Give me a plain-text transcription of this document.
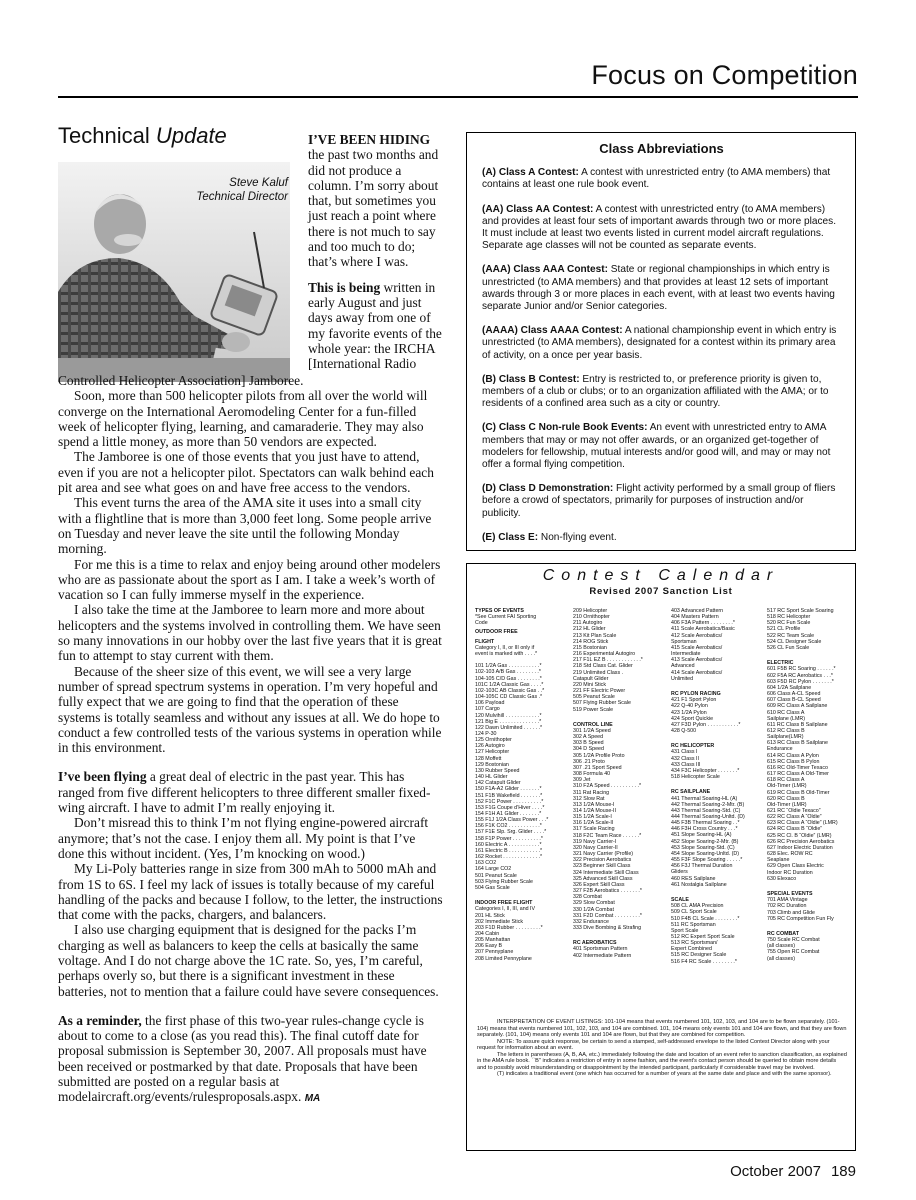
Focus on Competition
Technical Update
Steve Kaluf
Technical Director

I’VE BEEN HIDING the past two months and did not produce a column. I’m sorry about that, but sometimes you just reach a point where there is not much to say and too much to do; that’s where I was.

This is being written in early August and just days away from one of my favorite events of the whole year: the IRCHA [International Radio

Controlled Helicopter Association] Jamboree.

Soon, more than 500 helicopter pilots from all over the world will converge on the International Aeromodeling Center for a fun-filled week of helicopter flying, learning, and camaraderie. They may also spend a little money, as more than 50 vendors are expected.

The Jamboree is one of those events that you just have to attend, even if you are not a helicopter pilot. Spectators can walk behind each pit area and see what goes on and have free access to the vendors.

This event turns the area of the AMA site it uses into a small city with a flightline that is more than 3,000 feet long. Some people arrive on Tuesday and never leave the site until the following Monday morning.

For me this is a time to relax and enjoy being around other modelers who are as passionate about the sport as I am. I take a week’s worth of vacation so I can fully immerse myself in the experience.

I also take the time at the Jamboree to learn more and more about helicopters and the systems involved in controlling them. We have seen so many innovations in our hobby over the last five years that it is great fun to attempt to stay current with them.

Because of the sheer size of this event, we will see a very large number of spread spectrum systems in operation. I’m very hopeful and fully expect that we are going to find that the operation of these systems is totally seamless and without any issues at all. We do hope to conduct a few controlled tests of the various systems in operation while in this environment.

I’ve been flying a great deal of electric in the past year. This has ranged from five different helicopters to three different smaller fixed-wing aircraft. I have to admit I’m really enjoying it.

Don’t misread this to think I’m not flying engine-powered aircraft anymore; that’s not the case. I enjoy them all. My point is that I’ve done this without incident. (Yes, I’m knocking on wood.)

My Li-Poly batteries range in size from 300 mAh to 5000 mAh and from 1S to 6S. I feel my lack of issues is totally because of my careful handling of the packs and because I follow, to the letter, the instructions that come with the packs, chargers, and balancers.

I also use charging equipment that is designed for the packs I’m charging as well as balancers to keep the cells at basically the same voltage. And I do not charge above the 1C rate. So, yes, I’m careful, perhaps overly so, but there is a significant investment in these batteries, not to mention that a failure could have severe consequences.

As a reminder, the first phase of this two-year rules-change cycle is about to come to a close (as you read this). The final cutoff date for proposal submission is September 30, 2007. All proposals must have been received or postmarked by that date. Proposals that have been submitted are posted on a regular basis at modelaircraft.org/events/rulesproposals.aspx. MA

Class Abbreviations
(A) Class A Contest: A contest with unrestricted entry (to AMA members) that contains at least one rule book event.
(AA) Class AA Contest: A contest with unrestricted entry (to AMA members) and provides at least four sets of important awards through two or more places. It must include at least two events listed in current model aircraft regulations. Separate age classes will not be counted as separate events.
(AAA) Class AAA Contest: State or regional championships in which entry is unrestricted (to AMA members) and that provides at least 12 sets of important awards through 3 or more places in each event, with at least two events having separate Junior and/or Senior categories.
(AAAA) Class AAAA Contest: A national championship event in which entry is unrestricted (to AMA members), designated for a contest within its primary area of activity, on a once per year basis.
(B) Class B Contest: Entry is restricted to, or preference priority is given to, members of a club or clubs; or to an organization affiliated with the AMA; or to residents of a confined area such as a city or country.
(C) Class C Non-rule Book Events: An event with unrestricted entry to AMA members that may or may not offer awards, or an organized get-together of modelers for fellowship, mutual interests and/or good will, and may or may not offer a formal flying competition.
(D) Class D Demonstration: Flight activity performed by a small group of fliers before a crowd of spectators, primarily for purposes of instruction and/or publicity.
(E) Class E: Non-flying event.
Contest Calendar
Revised 2007 Sanction List
TYPES OF EVENTS
*See Current FAI Sporting
Code
OUTDOOR FREE
FLIGHT
Category I, II, or III only if
event is marked with . . . .*

101 1/2A Gas . . . . . . . . . . .*
102-103 A/B Gas . . . . . . . .*
104-105 C/D Gas . . . . . . . .*
101C 1/2A Classic Gas . . . .*
102-103C AB Classic Gas . .*
104-105C CD Classic Gas .*
106 Payload
107 Cargo
120 Mulvihill . . . . . . . . . . . .*
121 Big E . . . . . . . . . . . . . .*
122 Dawn Unlimited . . . . . .*
124 P-30
125 Ornithopter
126 Autogiro
127 Helicopter
128 Moffett
129 Bostonian
130 Rubber Speed
140 HL Glider
142 Catapult Glider
150 F1A-A2 Glider . . . . . . .*
151 F1B Wakefield . . . . . . .*
152 F1C Power . . . . . . . . . .*
153 F1G Coupe d’Hiver . . . .*
154 F1H A1 Glider . . . . . . .*
155 F1J 1/2A Class Power . . .*
156 F1K CO2 . . . . . . . . . . .*
157 F1E Slp. Srg. Glider . . . .*
158 F1P Power . . . . . . . . . .*
160 Electric A . . . . . . . . . . .*
161 Electric B . . . . . . . . . . .*
162 Rocket . . . . . . . . . . . . .*
163 CO2
164 Large CO2
501 Peanut Scale
503 Flying Rubber Scale
504 Gas Scale

INDOOR FREE FLIGHT
Categories I, II, III, and IV
201 HL Stick
202 Immediate Stick
203 F1D Rubber . . . . . . . . .*
204 Cabin
205 Manhattan
206 Easy B
207 Pennyplane
208 Limited Pennyplane
209 Helicopter
210 Ornithopter
211 Autogiro
212 HL Glider
213 Kit Plan Scale
214 ROG Stick
215 Bostonian
216 Experimental Autogiro
217 F1L EZ B . . . . . . . . . . . .*
218 Std Class Cat. Glider
219 Unlimited Class .
Catapult Glider
220 Mini Stick
221 FF Electric Power
505 Peanut Scale
507 Flying Rubber Scale
519 Power Scale

CONTROL LINE
301 1/2A Speed
302 A Speed
303 B Speed
304 D Speed
305 1/2A Profile Proto
306 .21 Proto
307 .21 Sport Speed
308 Formula 40
309 Jet
310 F2A Speed . . . . . . . . . .*
311 Rat Racing
312 Slow Rat
313 1/2A Mouse-I
314 1/2A Mouse-II
315 1/2A Scale-I
316 1/2A Scale-II
317 Scale Racing
318 F2C Team Race . . . . . .*
319 Navy Carrier-I
320 Navy Carrier-II
321 Navy Carrier (Profile)
322 Precision Aerobatics
323 Beginner Skill Class
324 Intermediate Skill Class
325 Advanced Skill Class
326 Expert Skill Class
327 F2B Aerobatics . . . . . . .*
328 Combat
329 Slow Combat
330 1/2A Combat
331 F2D Combat . . . . . . . . .*
332 Endurance
333 Dive Bombing & Strafing

RC AEROBATICS
401 Sportsman Pattern
402 Intermediate Pattern
403 Advanced Pattern
404 Masters Pattern
406 F3A Pattern . . . . . . . .*
411 Scale Aerobatics/Basic
412 Scale Aerobatics/
Sportsman
415 Scale Aerobatics/
Intermediate
413 Scale Aerobatics/
Advanced
414 Scale Aerobatics/
Unlimited

RC PYLON RACING
421 F1 Sport Pylon
422 Q-40 Pylon
423 1/2A Pylon
424 Sport Quickie
427 F3D Pylon . . . . . . . . . . .*
428 Q-500

RC HELICOPTER
431 Class I
432 Class II
433 Class III
434 F3C Helicopter . . . . . . .*
518 Helicopter Scale

RC SAILPLANE
441 Thermal Soaring-HL (A)
442 Thermal Soaring-2-Mtr. (B)
443 Thermal Soaring-Std. (C)
444 Thermal Soaring-Unltd. (D)
445 F3B Thermal Soaring . .*
446 F3H Cross Country . . .*
451 Slope Soaring-HL (A)
452 Slope Soaring-2-Mtr. (B)
453 Slope Soaring-Std. (C)
454 Slope Soaring-Unltd. (D)
455 F3F Slope Soaring . . . . .*
456 F3J Thermal Duration
Gliders
460 RES Sailplane
461 Nostalgia Sailplane

SCALE
508 CL AMA Precision
509 CL Sport Scale
510 F4B CL Scale . . . . . . . .*
511 RC Sportsman
Sport Scale
512 RC Expert Sport Scale
513 RC Sportsman/
Expert Combined
515 RC Designer Scale
516 F4 RC Scale . . . . . . . .*
517 RC Sport Scale Soaring
518 RC Helicopter
520 RC Fun Scale
521 CL Profile
522 RC Team Scale
524 CL Designer Scale
526 CL Fun Scale

ELECTRIC
601 F5B RC Soaring . . . . . .*
602 F5A RC Aerobatics . . .*
603 F5D RC Pylon . . . . . . .*
604 1/2A Sailplane
606 Class A-CL Speed
607 Class B-CL Speed
609 RC Class A Sailplane
610 RC Class A
Sailplane (LMR)
611 RC Class B Sailplane
612 RC Class B
Sailplane(LMR)
613 RC Class B Sailplane
Endurance
614 RC Class A Pylon
615 RC Class B Pylon
616 RC Old-Timer Texaco
617 RC Class A Old-Timer
618 RC Class A
Old-Timer (LMR)
619 RC Class B Old-Timer
620 RC Class B
Old-Timer (LMR)
621 RC “Oldie Texaco”
622 RC Class A “Oldie”
623 RC Class A “Oldie” (LMR)
624 RC Class B “Oldie”
625 RC Cl. B “Oldie” (LMR)
626 RC Precision Aerobatics
627 Indoor Electric Duration
628 Elec. ROW RC
Seaplane
629 Open Class Electric
Indoor RC Duration
630 Elexaco

SPECIAL EVENTS
701 AMA Vintage
702 RC Duration
703 Climb and Glide
705 RC Competition Fun Fly

RC COMBAT
750 Scale RC Combat
(all classes)
755 Open RC Combat
(all classes)

INTERPRETATION OF EVENT LISTINGS: 101-104 means that events numbered 101, 102, 103, and 104 are to be flown separately. (101-104) means that events numbered 101, 102, 103, and 104 are combined. 101, 104 means only events 101 and 104 are flown, and that they are flown separately. (101, 104) means only events 101 and 104 are flown, but that they are combined for competition.

NOTE: To assure quick response, be certain to send a stamped, self-addressed envelope to the listed Contest Director along with your request for information about an event.

The letters in parentheses (A, B, AA, etc.) immediately following the date and location of an event refer to sanction classification, as explained in the AMA rule book. ``B'' indicates a restriction of entry in some fashion, and the event's contact person should be queried to obtain more details and to possibly avoid misunderstanding or disappointment by the intended participant, particularly if considerable travel may be involved.

(T) indicates a traditional event (one which has occurred for a number of years at the same date and place and with the same sponsor).

October 2007 189
